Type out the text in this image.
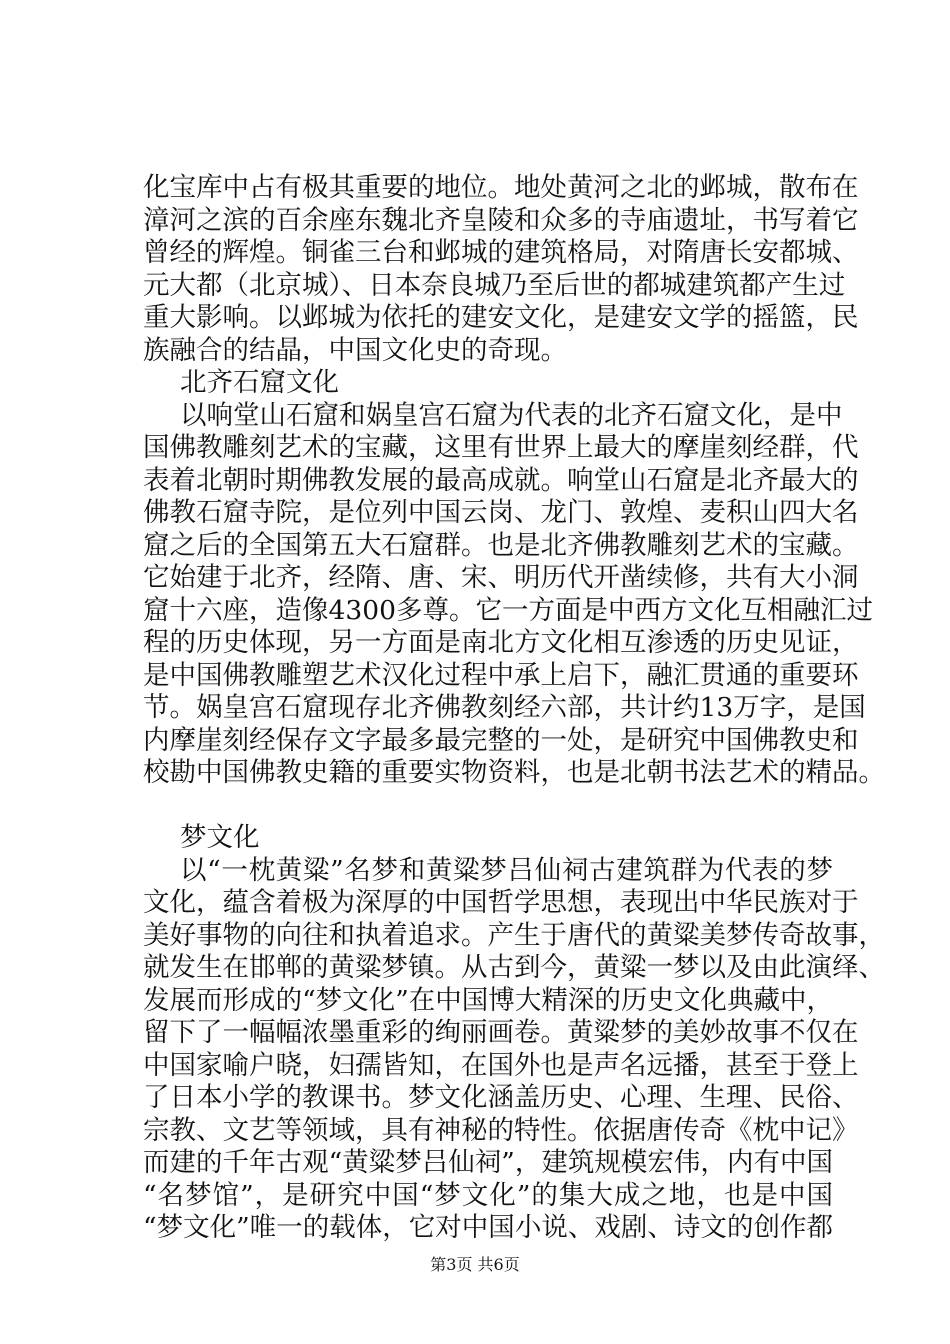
化宝库中占有极其重要的地位。地处黄河之北的邺城，散布在
漳河之滨的百余座东魏北齐皇陵和众多的寺庙遗址，书写着它
曾经的辉煌。铜雀三台和邺城的建筑格局，对隋唐长安都城、
元大都（北京城）、日本奈良城乃至后世的都城建筑都产生过
重大影响。以邺城为依托的建安文化，是建安文学的摇篮，民
族融合的结晶，中国文化史的奇现。
北齐石窟文化
以响堂山石窟和娲皇宫石窟为代表的北齐石窟文化，是中
国佛教雕刻艺术的宝藏，这里有世界上最大的摩崖刻经群，代
表着北朝时期佛教发展的最高成就。响堂山石窟是北齐最大的
佛教石窟寺院，是位列中国云岗、龙门、敦煌、麦积山四大名
窟之后的全国第五大石窟群。也是北齐佛教雕刻艺术的宝藏。
它始建于北齐，经隋、唐、宋、明历代开凿续修，共有大小洞
窟十六座，造像4300多尊。它一方面是中西方文化互相融汇过
程的历史体现，另一方面是南北方文化相互渗透的历史见证，
是中国佛教雕塑艺术汉化过程中承上启下，融汇贯通的重要环
节。娲皇宫石窟现存北齐佛教刻经六部，共计约13万字，是国
内摩崖刻经保存文字最多最完整的一处，是研究中国佛教史和
校勘中国佛教史籍的重要实物资料，也是北朝书法艺术的精品。
梦文化
以“一枕黄粱”名梦和黄粱梦吕仙祠古建筑群为代表的梦
文化，蕴含着极为深厚的中国哲学思想，表现出中华民族对于
美好事物的向往和执着追求。产生于唐代的黄粱美梦传奇故事，
就发生在邯郸的黄粱梦镇。从古到今，黄粱一梦以及由此演绎、
发展而形成的“梦文化”在中国博大精深的历史文化典藏中，
留下了一幅幅浓墨重彩的绚丽画卷。黄粱梦的美妙故事不仅在
中国家喻户晓，妇孺皆知，在国外也是声名远播，甚至于登上
了日本小学的教课书。梦文化涵盖历史、心理、生理、民俗、
宗教、文艺等领域，具有神秘的特性。依据唐传奇《枕中记》
而建的千年古观“黄粱梦吕仙祠”，建筑规模宏伟，内有中国
“名梦馆”，是研究中国“梦文化”的集大成之地，也是中国
“梦文化”唯一的载体，它对中国小说、戏剧、诗文的创作都
第3页 共6页
